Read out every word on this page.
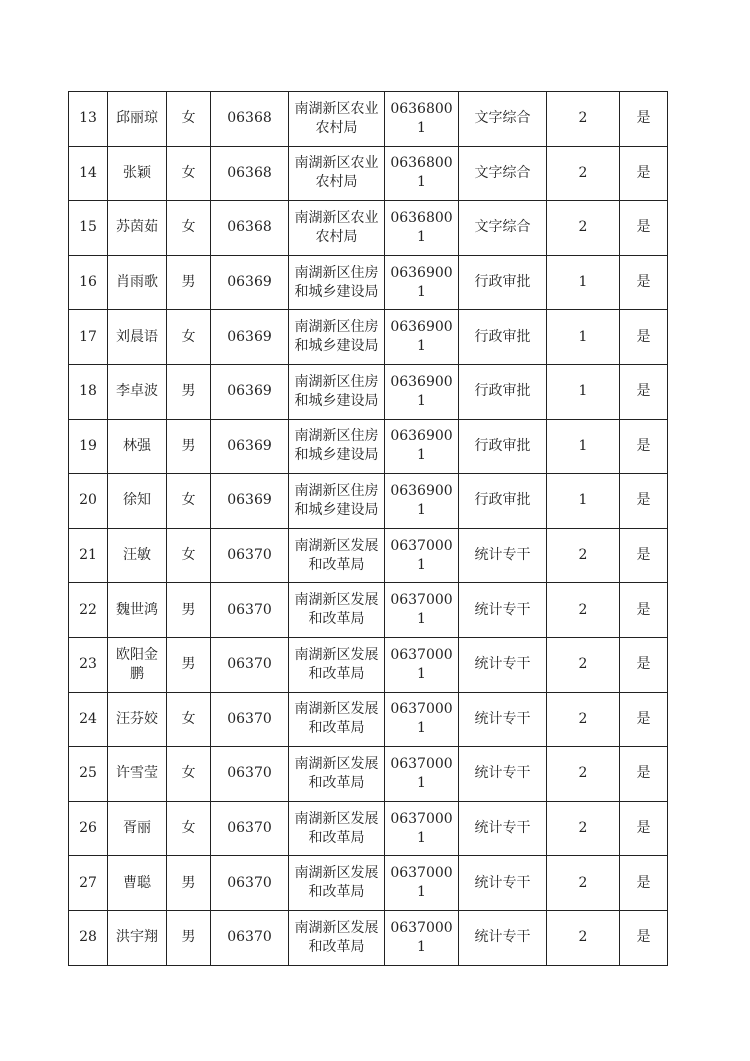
13	邱丽琼	女	06368	南湖新区农业农村局	06368001	文字综合	2	是
14	张颖	女	06368	南湖新区农业农村局	06368001	文字综合	2	是
15	苏茵茹	女	06368	南湖新区农业农村局	06368001	文字综合	2	是
16	肖雨歌	男	06369	南湖新区住房和城乡建设局	06369001	行政审批	1	是
17	刘晨语	女	06369	南湖新区住房和城乡建设局	06369001	行政审批	1	是
18	李卓波	男	06369	南湖新区住房和城乡建设局	06369001	行政审批	1	是
19	林强	男	06369	南湖新区住房和城乡建设局	06369001	行政审批	1	是
20	徐知	女	06369	南湖新区住房和城乡建设局	06369001	行政审批	1	是
21	汪敏	女	06370	南湖新区发展和改革局	06370001	统计专干	2	是
22	魏世鸿	男	06370	南湖新区发展和改革局	06370001	统计专干	2	是
23	欧阳金鹏	男	06370	南湖新区发展和改革局	06370001	统计专干	2	是
24	汪芬姣	女	06370	南湖新区发展和改革局	06370001	统计专干	2	是
25	许雪莹	女	06370	南湖新区发展和改革局	06370001	统计专干	2	是
26	胥丽	女	06370	南湖新区发展和改革局	06370001	统计专干	2	是
27	曹聪	男	06370	南湖新区发展和改革局	06370001	统计专干	2	是
28	洪宇翔	男	06370	南湖新区发展和改革局	06370001	统计专干	2	是
